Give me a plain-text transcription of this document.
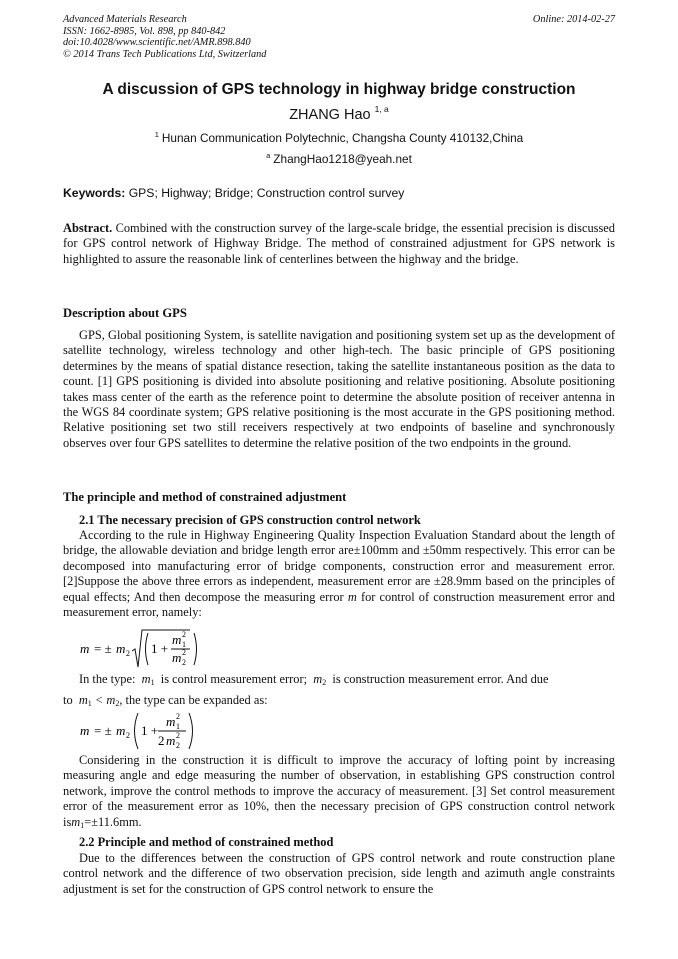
Advanced Materials Research
ISSN: 1662-8985, Vol. 898, pp 840-842
doi:10.4028/www.scientific.net/AMR.898.840
© 2014 Trans Tech Publications Ltd, Switzerland
Online: 2014-02-27
A discussion of GPS technology in highway bridge construction
ZHANG Hao $^{1, a}$
$^1$ Hunan Communication Polytechnic, Changsha County 410132,China
$^a$ ZhangHao1218@yeah.net
Keywords: GPS; Highway; Bridge; Construction control survey

Abstract. Combined with the construction survey of the large-scale bridge, the essential precision is discussed for GPS control network of Highway Bridge. The method of constrained adjustment for GPS network is highlighted to assure the reasonable link of centerlines between the highway and the bridge.

Description about GPS

GPS, Global positioning System, is satellite navigation and positioning system set up as the development of satellite technology, wireless technology and other high-tech. The basic principle of GPS positioning determines by the means of spatial distance resection, taking the satellite instantaneous position as the data to count. [1] GPS positioning is divided into absolute positioning and relative positioning. Absolute positioning takes mass center of the earth as the reference point to determine the absolute position of receiver antenna in the WGS 84 coordinate system; GPS relative positioning is the most accurate in the GPS positioning method. Relative positioning set two still receivers respectively at two endpoints of baseline and synchronously observes over four GPS satellites to determine the relative position of the two endpoints in the ground.

The principle and method of constrained adjustment
2.1 The necessary precision of GPS construction control network

According to the rule in Highway Engineering Quality Inspection Evaluation Standard about the length of bridge, the allowable deviation and bridge length error are±100mm and ±50mm respectively. This error can be decomposed into manufacturing error of bridge components, construction error and measurement error. [2]Suppose the above three errors as independent, measurement error are ±28.9mm based on the principles of equal effects; And then decompose the measuring error m for control of construction measurement error and measurement error, namely:

m = ± m 2 1 +
m 1
2
m 2
2
In the type: $m_1$ is control measurement error; $m_2$ is construction measurement error. And due
to $m_1 < m_2$, the type can be expanded as:
m = ± m 2 1 +
m 1
2
2 m 2
2

Considering in the construction it is difficult to improve the accuracy of lofting point by increasing measuring angle and edge measuring the number of observation, in establishing GPS construction control network, improve the control methods to improve the accuracy of measurement. [3] Set control measurement error of the measurement error as 10%, then the necessary precision of GPS construction control network ism$_1$=±11.6mm.

2.2 Principle and method of constrained method

Due to the differences between the construction of GPS control network and route construction plane control network and the difference of two observation precision, side length and azimuth angle constraints adjustment is set for the construction of GPS control network to ensure the
